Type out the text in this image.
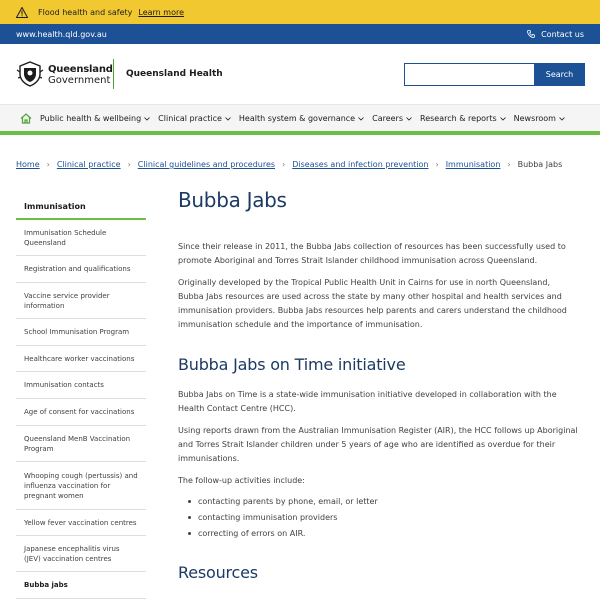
Flood health and safety Learn more
www.health.qld.gov.au	Contact us
Queensland
Government
Queensland Health	Search
Public health & wellbeing Clinical practice Health system & governance Careers Research & reports Newsroom
Home › Clinical practice › Clinical guidelines and procedures › Diseases and infection prevention › Immunisation › Bubba Jabs
Immunisation
Immunisation Schedule Queensland
Registration and qualifications
Vaccine service provider information
School Immunisation Program
Healthcare worker vaccinations
Immunisation contacts
Age of consent for vaccinations
Queensland MenB Vaccination Program
Whooping cough (pertussis) and influenza vaccination for pregnant women
Yellow fever vaccination centres
Japanese encephalitis virus (JEV) vaccination centres
Bubba jabs
Bubba Jabs

Since their release in 2011, the Bubba Jabs collection of resources has been successfully used to promote Aboriginal and Torres Strait Islander childhood immunisation across Queensland.

Originally developed by the Tropical Public Health Unit in Cairns for use in north Queensland, Bubba Jabs resources are used across the state by many other hospital and health services and immunisation providers. Bubba Jabs resources help parents and carers understand the childhood immunisation schedule and the importance of immunisation.

Bubba Jabs on Time initiative

Bubba Jabs on Time is a state-wide immunisation initiative developed in collaboration with the Health Contact Centre (HCC).

Using reports drawn from the Australian Immunisation Register (AIR), the HCC follows up Aboriginal and Torres Strait Islander children under 5 years of age who are identified as overdue for their immunisations.

The follow-up activities include:

contacting parents by phone, email, or letter
contacting immunisation providers
correcting of errors on AIR.
Resources
